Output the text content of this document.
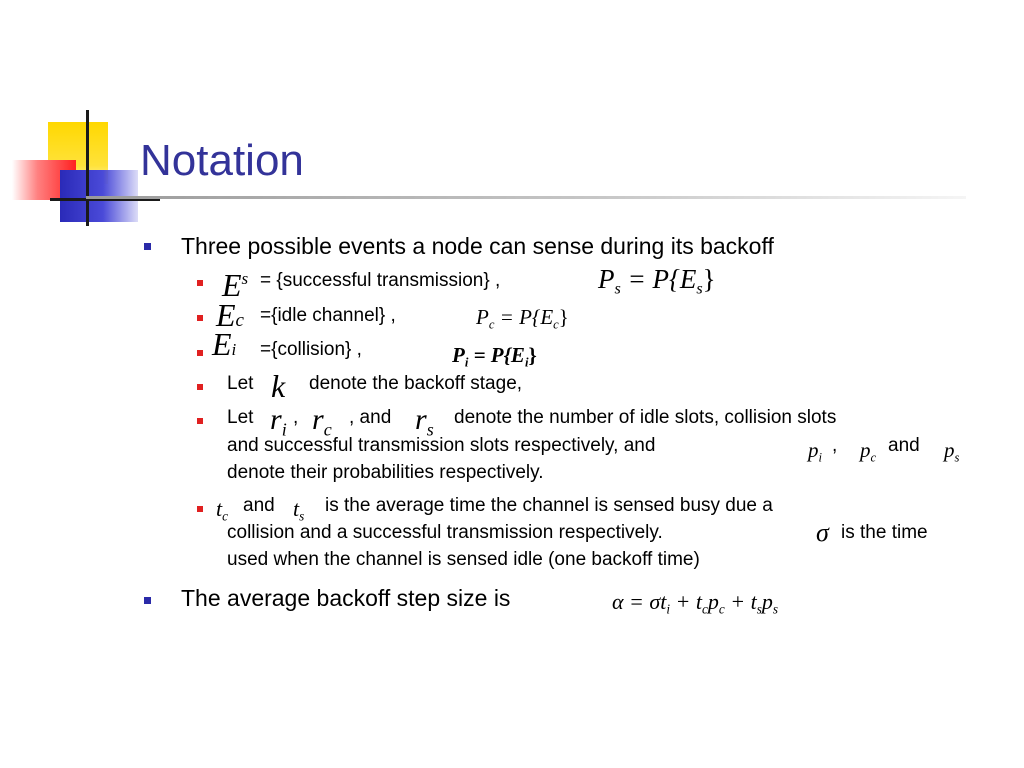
Notation
Three possible events a node can sense during its backoff
$E^s$ = {successful transmission} ,	$P_s = P\{E_s\}$
Ec ={idle channel} ,	$P_c = P\{E_c\}$
Ei ={collision} ,	$P_i = P\{E_i\}$
Let k denote the backoff stage,
Let $r_i$
, $r_c$
, and $r_s$
denote the number of idle slots, collision slots
and successful transmission slots respectively, and	$p_i$
, $p_c$
and $p_s$
denote their probabilities respectively.
$t_c$
and $t_s$
is the average time the channel is sensed busy due a
collision and a successful transmission respectively.	σ is the time
used when the channel is sensed idle (one backoff time)
The average backoff step size is	$\alpha = \sigma t_i + t_cp_c + t_sp_s$
